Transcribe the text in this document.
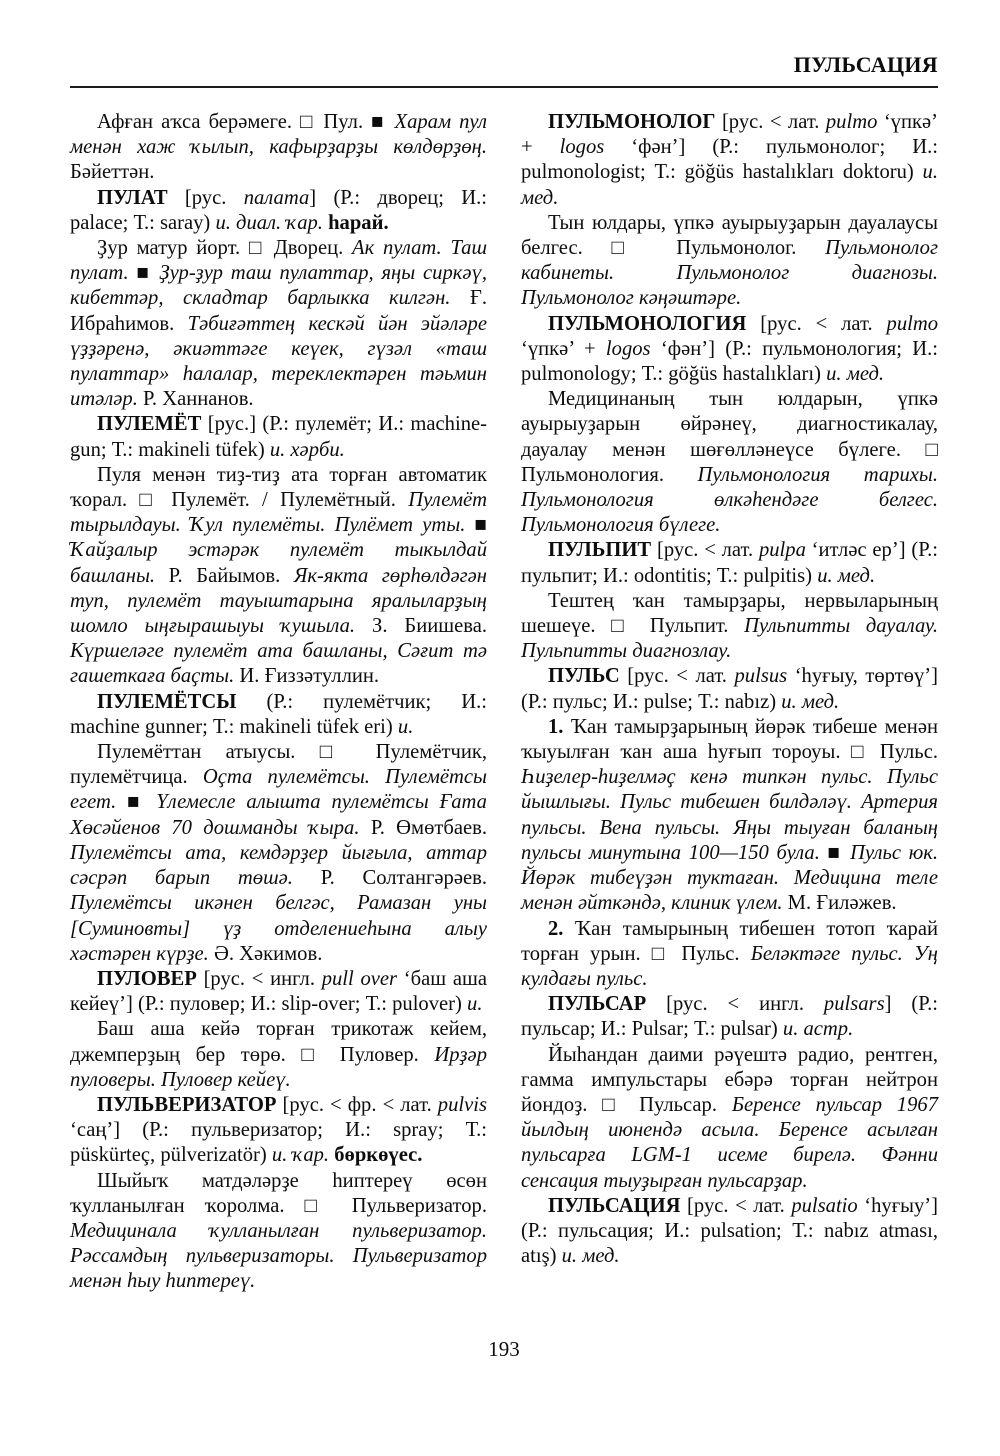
ПУЛЬСАЦИЯ

Афған аҡса берәмеге. □ Пул. ■ Харам пул менән хаж ҡылып, кафырҙарҙы көлдөрҙөң. Бәйеттән.

ПУЛАТ [рус. палата] (Р.: дворец; И.: palace; Т.: saray) и. диал. ҡар. һарай.

Ҙур матур йорт. □ Дворец. Ак пулат. Таш пулат. ■ Ҙур-ҙур таш пулаттар, яңы сиркәү, кибеттәр, складтар барлыкка килгән. Ғ. Ибраһимов. Тәбиғәттең кескәй йән эйәләре үҙҙәренә, әкиәттәге кеүек, гүзәл «таш пулаттар» һалалар, тереклектәрен тәьмин итәләр. Р. Ханнанов.

ПУЛЕМЁТ [рус.] (Р.: пулемёт; И.: machine-gun; Т.: makineli tüfek) и. хәрби.

Пуля менән тиҙ-тиҙ ата торған автоматик ҡорал. □ Пулемёт. / Пулемётный. Пулемёт тырылдауы. Ҡул пулемёты. Пулёмет уты. ■ Ҡайҙалыр эстәрәк пулемёт тыкылдай башланы. Р. Байымов. Як-якта гөрһөлдәгән туп, пулемёт тауыштарына яралыларҙың шомло ыңғырашыуы ҡушыла. З. Биишева. Күршеләге пулемёт ата башланы, Сәғит тә гашеткаға баҫты. И. Ғиззәтуллин.

ПУЛЕМЁТСЫ (Р.: пулемётчик; И.: machine gunner; Т.: makineli tüfek eri) и.

Пулемёттан атыусы. □ Пулемётчик, пулемётчица. Оҫта пулемётсы. Пулемётсы егет. ■ Үлемесле алышта пулемётсы Ғата Хөсәйенов 70 дошманды ҡыра. Р. Өмөтбаев. Пулемётсы ата, кемдәрҙер йығыла, аттар сәсрәп барып төшә. Р. Солтангәрәев. Пулемётсы икәнен белгәс, Рамазан уны [Суминовты] үҙ отделениеһына алыу хәстәрен күрҙе. Ә. Хәкимов.

ПУЛОВЕР [рус. < ингл. pull over ‘баш аша кейеү’] (Р.: пуловер; И.: slip-over; Т.: pulover) и.

Баш аша кейә торған трикотаж кейем, джемперҙың бер төрө. □ Пуловер. Ирҙәр пуловеры. Пуловер кейеү.

ПУЛЬВЕРИЗАТОР [рус. < фр. < лат. pulvis ‘саң’] (Р.: пульверизатор; И.: spray; Т.: püskürteç, pülverizatör) и. ҡар. бөркөүес.

Шыйыҡ матдәләрҙе һиптереү өсөн ҡулланылған ҡоролма. □ Пульверизатор. Медицинала ҡулланылған пульверизатор. Рәссамдың пульверизаторы. Пульверизатор менән һыу һиптереү.

ПУЛЬМОНОЛОГ [рус. < лат. pulmo ‘үпкә’ + logos ‘фән’] (Р.: пульмонолог; И.: pulmonologist; Т.: göğüs hastalıkları doktoru) и. мед.

Тын юлдары, үпкә ауырыуҙарын дауалаусы белгес. □ Пульмонолог. Пульмонолог кабинеты. Пульмонолог диагнозы. Пульмонолог кәңәштәре.

ПУЛЬМОНОЛОГИЯ [рус. < лат. pulmo ‘үпкә’ + logos ‘фән’] (Р.: пульмонология; И.: pulmonology; Т.: göğüs hastalıkları) и. мед.

Медицинаның тын юлдарын, үпкә ауырыуҙарын өйрәнеү, диагностикалау, дауалау менән шөғөлләнеүсе бүлеге. □ Пульмонология. Пульмонология тарихы. Пульмонология өлкәһендәге белгес. Пульмонология бүлеге.

ПУЛЬПИТ [рус. < лат. pulpa ‘итләс ер’] (Р.: пульпит; И.: odontitis; Т.: pulpitis) и. мед.

Тештең ҡан тамырҙары, нервыларының шешеүе. □ Пульпит. Пульпитты дауалау. Пульпитты диагнозлау.

ПУЛЬС [рус. < лат. pulsus ‘һуғыу, төртөү’] (Р.: пульс; И.: pulse; Т.: nabız) и. мед.

1. Ҡан тамырҙарының йөрәк тибеше менән ҡыуылған ҡан аша һуғып тороуы. □ Пульс. Һиҙелер-һиҙелмәҫ кенә типкән пульс. Пульс йышлығы. Пульс тибешен билдәләү. Артерия пульсы. Вена пульсы. Яңы тыуған баланың пульсы минутына 100—150 була. ■ Пульс юк. Йөрәк тибеүҙән туктаған. Медицина теле менән әйткәндә, клиник үлем. М. Ғиләжев.

2. Ҡан тамырының тибешен тотоп ҡарай торған урын. □ Пульс. Беләктәге пульс. Уң кулдағы пульс.

ПУЛЬСАР [рус. < ингл. pulsars] (Р.: пульсар; И.: Pulsar; Т.: pulsar) и. астр.

Йыһандан даими рәүештә радио, рентген, гамма импульстары ебәрә торған нейтрон йондоҙ. □ Пульсар. Беренсе пульсар 1967 йылдың июнендә асыла. Беренсе асылған пульсарға LGM-1 исеме бирелә. Фәнни сенсация тыуҙырған пульсарҙар.

ПУЛЬСАЦИЯ [рус. < лат. pulsatio ‘һуғыу’] (Р.: пульсация; И.: pulsation; Т.: nabız atması, atış) и. мед.

193
